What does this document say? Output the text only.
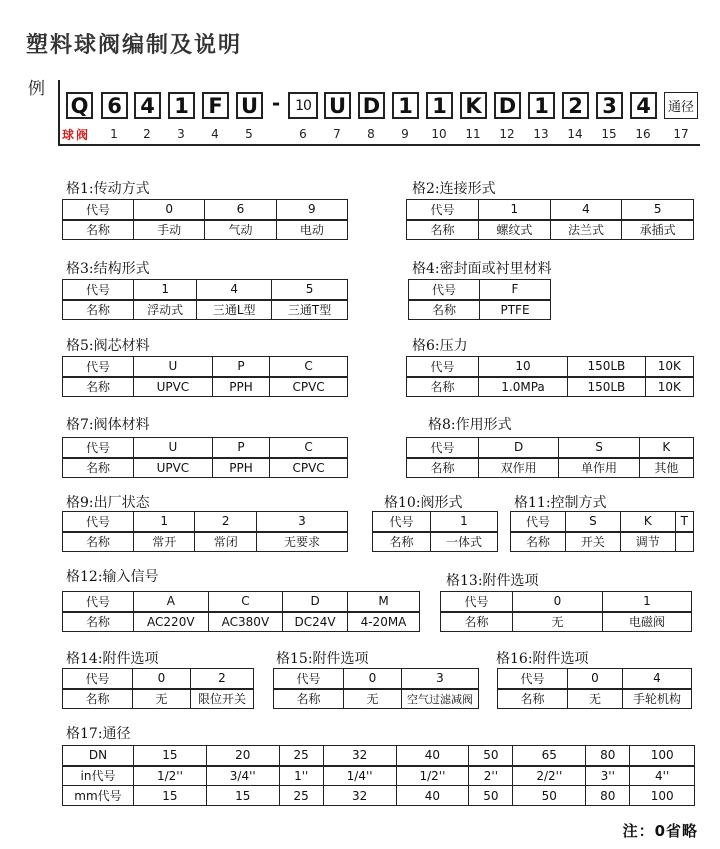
塑料球阀编制及说明
例
Q 6 4 1 F U -	10 U D 1 1 K D 1 2 3 4	通径
球阀	1	2	3	4	5	6	7	8	9	10 11 12 13 14 15 16 17
格1:传动方式	格2:连接形式
格3:结构形式	格4:密封面或衬里材料
格5:阀芯材料	格6:压力
格7:阀体材料	格8:作用形式
格9:出厂状态	格10:阀形式	格11:控制方式
格12:输入信号	格13:附件选项
格14:附件选项	格15:附件选项	格16:附件选项
格17:通径
代号	0	6	9
名称	手动	气动	电动
代号	1	4	5
名称	螺纹式	法兰式	承插式
代号	1	4	5
名称	浮动式	三通L型	三通T型
代号	F
名称	PTFE
代号	U	P	C
名称	UPVC	PPH	CPVC
代号	10	150LB	10K
名称	1.0MPa	150LB	10K
代号	U	P	C
名称	UPVC	PPH	CPVC
代号	D	S	K
名称	双作用	单作用	其他
代号	1	2	3
名称	常开	常闭	无要求
代号	1
名称	一体式
代号	S	K	T
名称	开关	调节	
代号	A	C	D	M
名称	AC220V	AC380V	DC24V	4-20MA
代号	0	1
名称	无	电磁阀
代号	0	2
名称	无	限位开关
代号	0	3
名称	无	空气过滤减阀
代号	0	4
名称	无	手轮机构
DN	15	20	25	32	40	50	65	80	100
in代号	1/2''	3/4''	1''	1/4''	1/2''	2''	2/2''	3''	4''
mm代号	15	15	25	32	40	50	50	80	100
注：0省略
